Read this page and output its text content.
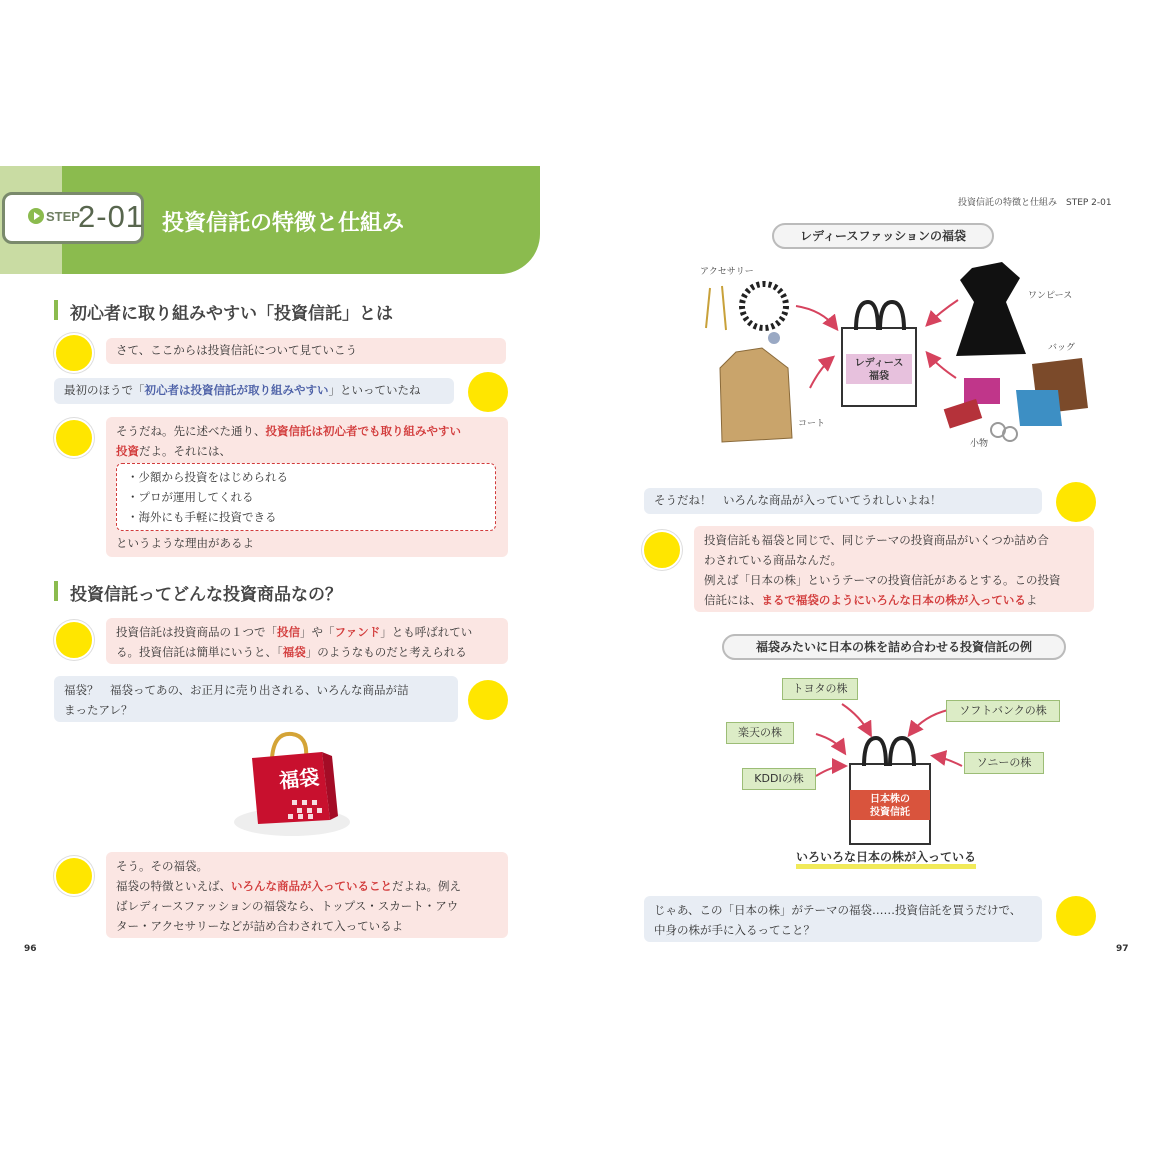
STEP
2-01 投資信託の特徴と仕組み
初心者に取り組みやすい「投資信託」とは
さて、ここからは投資信託について見ていこう
最初のほうで「初心者は投資信託が取り組みやすい」といっていたね
そうだね。先に述べた通り、投資信託は初心者でも取り組みやすい
投資だよ。それには、
・少額から投資をはじめられる
・プロが運用してくれる
・海外にも手軽に投資できる
というような理由があるよ
投資信託ってどんな投資商品なの？
投資信託は投資商品の１つで「投信」や「ファンド」とも呼ばれてい
る。投資信託は簡単にいうと、「福袋」のようなものだと考えられる
福袋？　福袋ってあの、お正月に売り出される、いろんな商品が詰
まったアレ？
福袋
そう。その福袋。
福袋の特徴といえば、いろんな商品が入っていることだよね。例え
ばレディースファッションの福袋なら、トップス・スカート・アウ
ター・アクセサリーなどが詰め合わされて入っているよ
96
投資信託の特徴と仕組み　STEP 2-01
レディースファッションの福袋
レディース
福袋
アクセサリー
ワンピース
バッグ
コート
小物
そうだね！　いろんな商品が入っていてうれしいよね！
投資信託も福袋と同じで、同じテーマの投資商品がいくつか詰め合
わされている商品なんだ。
例えば「日本の株」というテーマの投資信託があるとする。この投資
信託には、まるで福袋のようにいろんな日本の株が入っているよ
福袋みたいに日本の株を詰め合わせる投資信託の例
日本株の
投資信託
トヨタの株
ソフトバンクの株
楽天の株
ソニーの株
KDDIの株
いろいろな日本の株が入っている
じゃあ、この「日本の株」がテーマの福袋……投資信託を買うだけで、
中身の株が手に入るってこと？
97
